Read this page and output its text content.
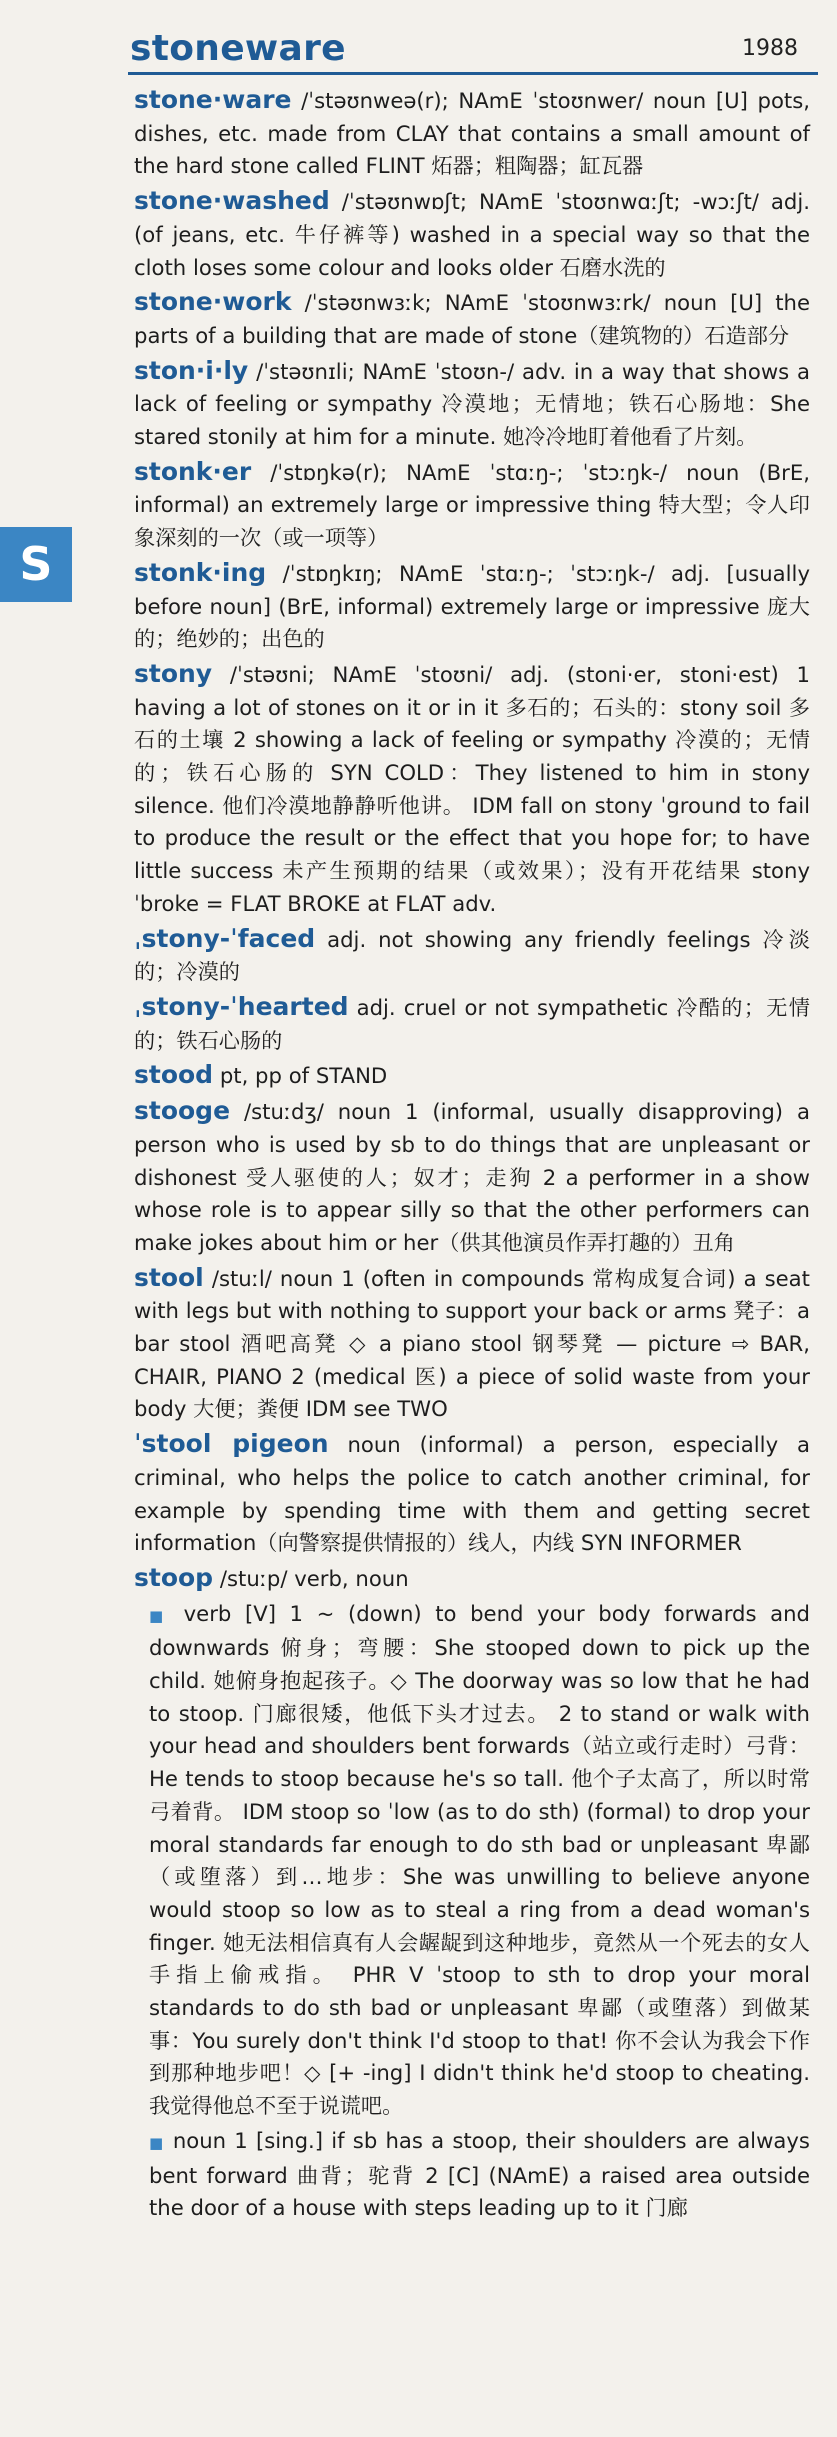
stoneware	1988
S
stone·ware /ˈstəʊnweə(r); NAmE ˈstoʊnwer/ noun [U] pots, dishes, etc. made from CLAY that contains a small amount of the hard stone called FLINT 炻器；粗陶器；缸瓦器
stone·washed /ˈstəʊnwɒʃt; NAmE ˈstoʊnwɑːʃt; -wɔːʃt/ adj. (of jeans, etc. 牛仔裤等) washed in a special way so that the cloth loses some colour and looks older 石磨水洗的
stone·work /ˈstəʊnwɜːk; NAmE ˈstoʊnwɜːrk/ noun [U] the parts of a building that are made of stone（建筑物的）石造部分
ston·i·ly /ˈstəʊnɪli; NAmE ˈstoʊn-/ adv. in a way that shows a lack of feeling or sympathy 冷漠地；无情地；铁石心肠地：She stared stonily at him for a minute. 她冷冷地盯着他看了片刻。
stonk·er /ˈstɒŋkə(r); NAmE ˈstɑːŋ-; ˈstɔːŋk-/ noun (BrE, informal) an extremely large or impressive thing 特大型；令人印象深刻的一次（或一项等）
stonk·ing /ˈstɒŋkɪŋ; NAmE ˈstɑːŋ-; ˈstɔːŋk-/ adj. [usually before noun] (BrE, informal) extremely large or impressive 庞大的；绝妙的；出色的
stony /ˈstəʊni; NAmE ˈstoʊni/ adj. (stoni·er, stoni·est) 1 having a lot of stones on it or in it 多石的；石头的：stony soil 多石的土壤 2 showing a lack of feeling or sympathy 冷漠的；无情的；铁石心肠的 SYN COLD：They listened to him in stony silence. 他们冷漠地静静听他讲。 IDM fall on stony ˈground to fail to produce the result or the effect that you hope for; to have little success 未产生预期的结果（或效果）；没有开花结果 stony ˈbroke = FLAT BROKE at FLAT adv.
ˌstony-ˈfaced adj. not showing any friendly feelings 冷淡的；冷漠的
ˌstony-ˈhearted adj. cruel or not sympathetic 冷酷的；无情的；铁石心肠的
stood pt, pp of STAND
stooge /stuːdʒ/ noun 1 (informal, usually disapproving) a person who is used by sb to do things that are unpleasant or dishonest 受人驱使的人；奴才；走狗 2 a performer in a show whose role is to appear silly so that the other performers can make jokes about him or her（供其他演员作弄打趣的）丑角
stool /stuːl/ noun 1 (often in compounds 常构成复合词) a seat with legs but with nothing to support your back or arms 凳子：a bar stool 酒吧高凳 ◇ a piano stool 钢琴凳 — picture ⇨ BAR, CHAIR, PIANO 2 (medical 医) a piece of solid waste from your body 大便；粪便 IDM see TWO
ˈstool pigeon noun (informal) a person, especially a criminal, who helps the police to catch another criminal, for example by spending time with them and getting secret information（向警察提供情报的）线人，内线 SYN INFORMER
stoop /stuːp/ verb, noun
■ verb [V] 1 ~ (down) to bend your body forwards and downwards 俯身；弯腰：She stooped down to pick up the child. 她俯身抱起孩子。◇ The doorway was so low that he had to stoop. 门廊很矮，他低下头才过去。 2 to stand or walk with your head and shoulders bent forwards（站立或行走时）弓背：He tends to stoop because he's so tall. 他个子太高了，所以时常弓着背。 IDM stoop so ˈlow (as to do sth) (formal) to drop your moral standards far enough to do sth bad or unpleasant 卑鄙（或堕落）到…地步：She was unwilling to believe anyone would stoop so low as to steal a ring from a dead woman's finger. 她无法相信真有人会龌龊到这种地步，竟然从一个死去的女人手指上偷戒指。 PHR V ˈstoop to sth to drop your moral standards to do sth bad or unpleasant 卑鄙（或堕落）到做某事：You surely don't think I'd stoop to that! 你不会认为我会下作到那种地步吧！◇ [+ -ing] I didn't think he'd stoop to cheating. 我觉得他总不至于说谎吧。
■ noun 1 [sing.] if sb has a stoop, their shoulders are always bent forward 曲背；驼背 2 [C] (NAmE) a raised area outside the door of a house with steps leading up to it 门廊
